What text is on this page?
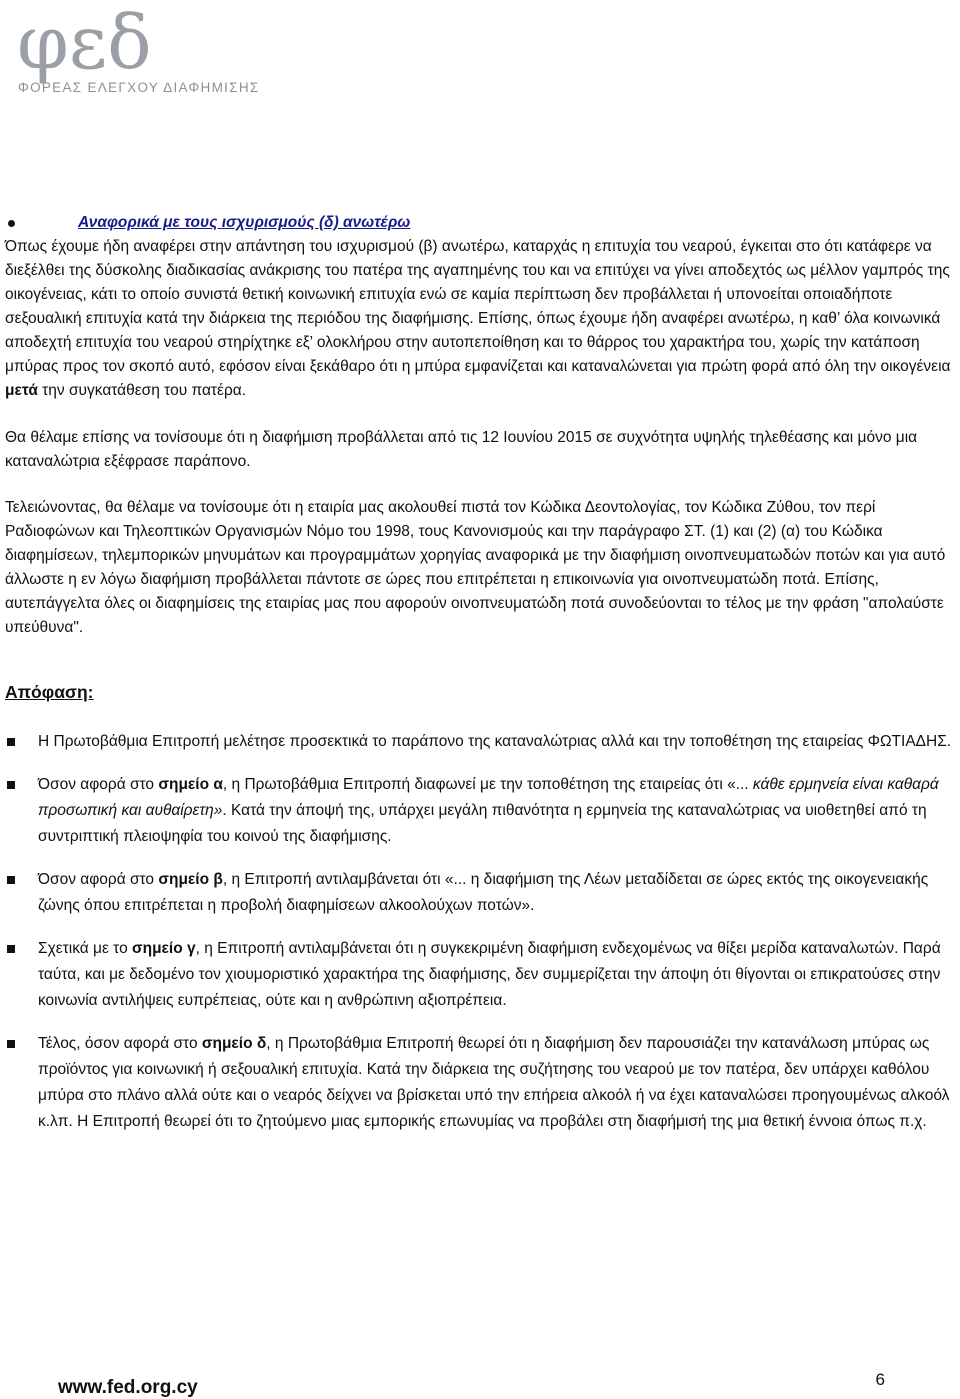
φεδ
ΦΟΡΕΑΣ ΕΛΕΓΧΟΥ ΔΙΑΦΗΜΙΣΗΣ
Αναφορικά με τους ισχυρισμούς (δ) ανωτέρω

Όπως έχουμε ήδη αναφέρει στην απάντηση του ισχυρισμού (β) ανωτέρω, καταρχάς η επιτυχία του νεαρού, έγκειται στο ότι κατάφερε να διεξέλθει της δύσκολης διαδικασίας ανάκρισης του πατέρα της αγαπημένης του και να επιτύχει να γίνει αποδεχτός ως μέλλον γαμπρός της οικογένειας, κάτι το οποίο συνιστά θετική κοινωνική επιτυχία ενώ σε καμία περίπτωση δεν προβάλλεται ή υπονοείται οποιαδήποτε σεξουαλική επιτυχία κατά την διάρκεια της περιόδου της διαφήμισης. Επίσης, όπως έχουμε ήδη αναφέρει ανωτέρω, η καθ’ όλα κοινωνικά αποδεχτή επιτυχία του νεαρού στηρίχτηκε εξ’ ολοκλήρου στην αυτοπεποίθηση και το θάρρος του χαρακτήρα του, χωρίς την κατάποση μπύρας προς τον σκοπό αυτό, εφόσον είναι ξεκάθαρο ότι η μπύρα εμφανίζεται και καταναλώνεται για πρώτη φορά από όλη την οικογένεια μετά την συγκατάθεση του πατέρα.

Θα θέλαμε επίσης να τονίσουμε ότι η διαφήμιση προβάλλεται από τις 12 Ιουνίου 2015 σε συχνότητα υψηλής τηλεθέασης και μόνο μια καταναλώτρια εξέφρασε παράπονο.

Τελειώνοντας, θα θέλαμε να τονίσουμε ότι η εταιρία μας ακολουθεί πιστά τον Κώδικα Δεοντολογίας, τον Κώδικα Ζύθου, τον περί Ραδιοφώνων και Τηλεοπτικών Οργανισμών Νόμο του 1998, τους Κανονισμούς και την παράγραφο ΣΤ. (1) και (2) (α) του Κώδικα διαφημίσεων, τηλεμπορικών μηνυμάτων και προγραμμάτων χορηγίας αναφορικά με την διαφήμιση οινοπνευματωδών ποτών και για αυτό άλλωστε η εν λόγω διαφήμιση προβάλλεται πάντοτε σε ώρες που επιτρέπεται η επικοινωνία για οινοπνευματώδη ποτά. Επίσης, αυτεπάγγελτα όλες οι διαφημίσεις της εταιρίας μας που αφορούν οινοπνευματώδη ποτά συνοδεύονται το τέλος με την φράση "απολαύστε υπεύθυνα".

Απόφαση:

Η Πρωτοβάθμια Επιτροπή μελέτησε προσεκτικά το παράπονο της καταναλώτριας αλλά και την τοποθέτηση της εταιρείας ΦΩΤΙΑΔΗΣ.

Όσον αφορά στο σημείο α, η Πρωτοβάθμια Επιτροπή διαφωνεί με την τοποθέτηση της εταιρείας ότι «... κάθε ερμηνεία είναι καθαρά προσωπική και αυθαίρετη». Κατά την άποψή της, υπάρχει μεγάλη πιθανότητα η ερμηνεία της καταναλώτριας να υιοθετηθεί από τη συντριπτική πλειοψηφία του κοινού της διαφήμισης.

Όσον αφορά στο σημείο β, η Επιτροπή αντιλαμβάνεται ότι «... η διαφήμιση της Λέων μεταδίδεται σε ώρες εκτός της οικογενειακής ζώνης όπου επιτρέπεται η προβολή διαφημίσεων αλκοολούχων ποτών».

Σχετικά με το σημείο γ, η Επιτροπή αντιλαμβάνεται ότι η συγκεκριμένη διαφήμιση ενδεχομένως να θίξει μερίδα καταναλωτών. Παρά ταύτα, και με δεδομένο τον χιουμοριστικό χαρακτήρα της διαφήμισης, δεν συμμερίζεται την άποψη ότι θίγονται οι επικρατούσες στην κοινωνία αντιλήψεις ευπρέπειας, ούτε και η ανθρώπινη αξιοπρέπεια.

Τέλος, όσον αφορά στο σημείο δ, η Πρωτοβάθμια Επιτροπή θεωρεί ότι η διαφήμιση δεν παρουσιάζει την κατανάλωση μπύρας ως προϊόντος για κοινωνική ή σεξουαλική επιτυχία. Κατά την διάρκεια της συζήτησης του νεαρού με τον πατέρα, δεν υπάρχει καθόλου μπύρα στο πλάνο αλλά ούτε και ο νεαρός δείχνει να βρίσκεται υπό την επήρεια αλκοόλ ή να έχει καταναλώσει προηγουμένως αλκοόλ κ.λπ. Η Επιτροπή θεωρεί ότι το ζητούμενο μιας εμπορικής επωνυμίας να προβάλει στη διαφήμισή της μια θετική έννοια όπως π.χ.

www.fed.org.cy	6
